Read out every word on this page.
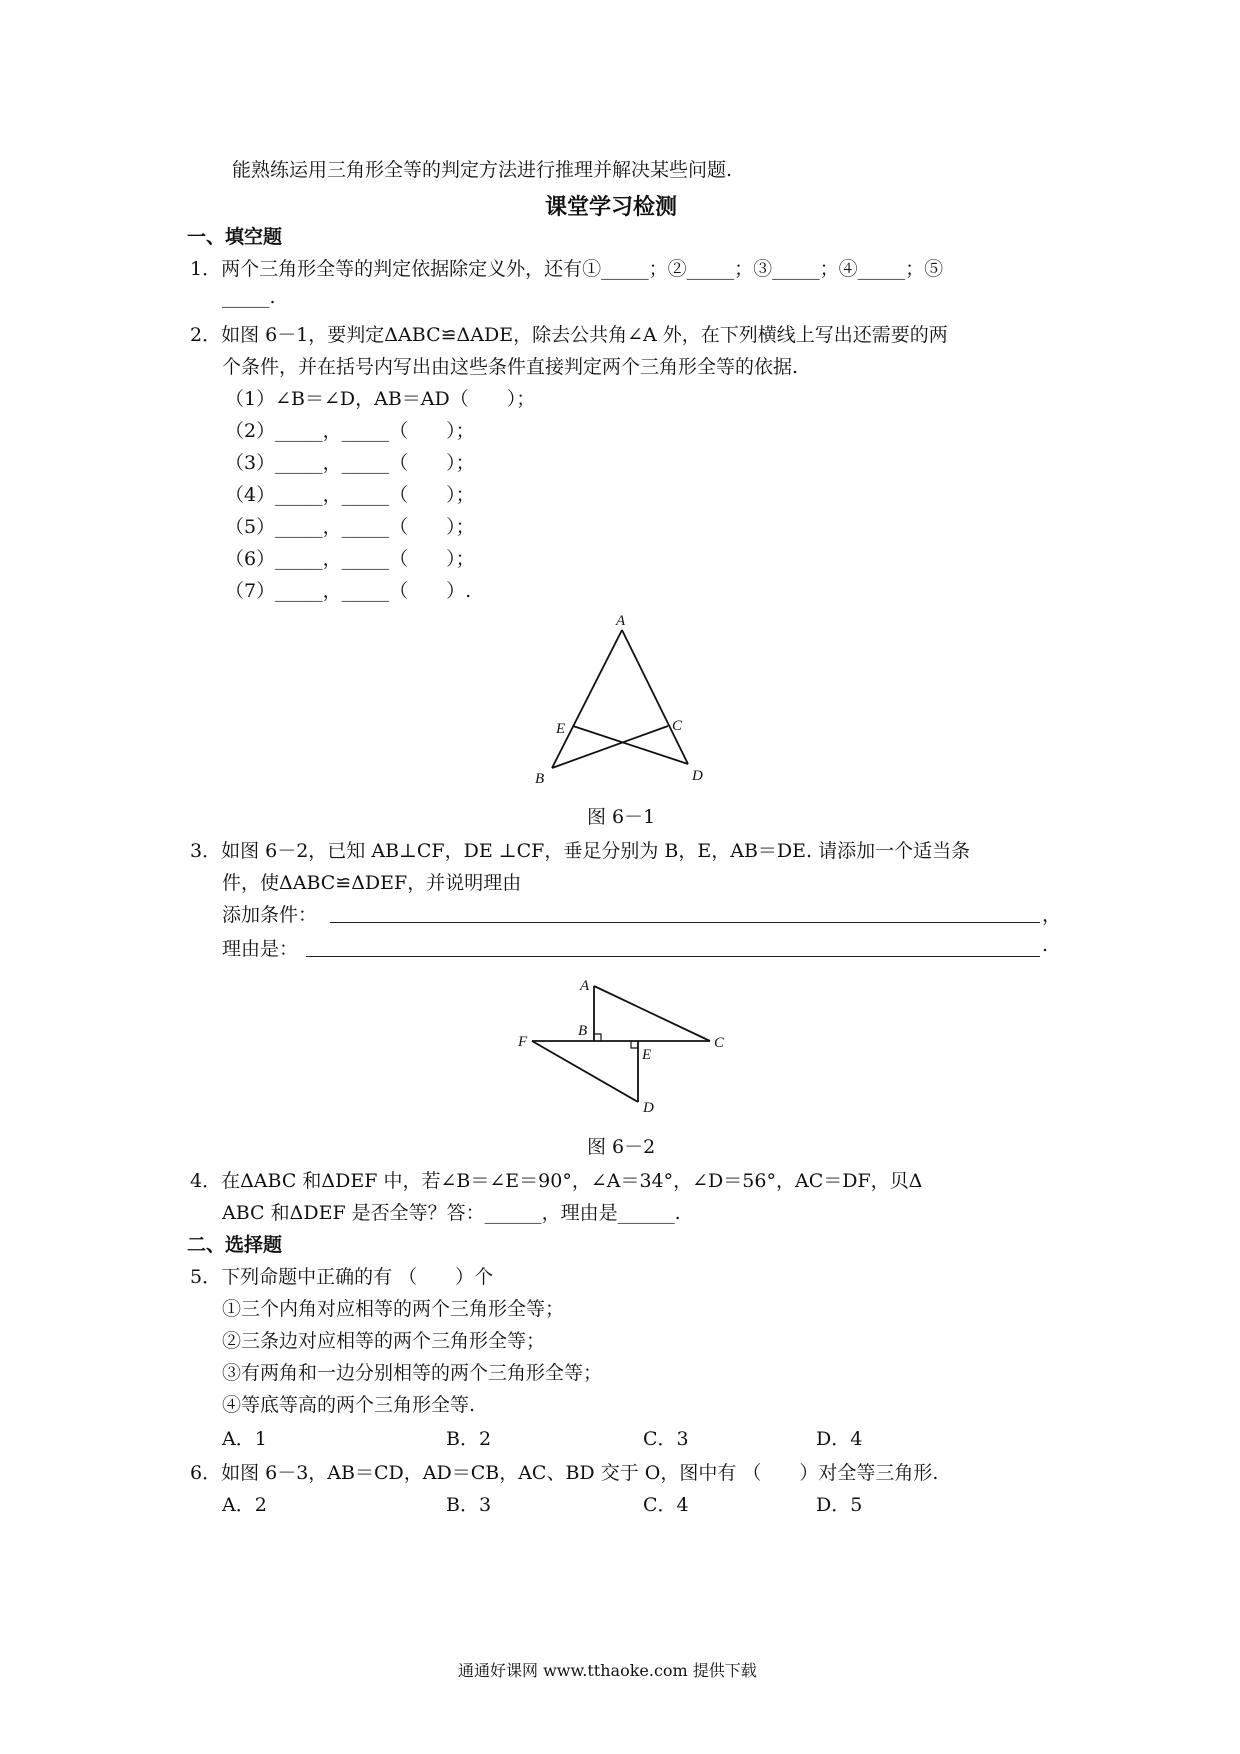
能熟练运用三角形全等的判定方法进行推理并解决某些问题.
课堂学习检测
一、填空题
1．两个三角形全等的判定依据除定义外，还有①_____；②_____；③_____；④_____；⑤
_____.
2．如图 6－1，要判定ΔABC≌ΔADE，除去公共角∠A 外，在下列横线上写出还需要的两
个条件，并在括号内写出由这些条件直接判定两个三角形全等的依据.
（1）∠B＝∠D，AB＝AD（　　）；
（2）_____，_____（　　）；
（3）_____，_____（　　）；
（4）_____，_____（　　）；
（5）_____，_____（　　）；
（6）_____，_____（　　）；
（7）_____，_____（　　）.
A
B
C
D
E
图 6－1
3．如图 6－2，已知 AB⊥CF，DE ⊥CF，垂足分别为 B，E，AB＝DE. 请添加一个适当条
件，使ΔABC≌ΔDEF，并说明理由
添加条件：	，
理由是：	.
A
B
C
D
E
F
图 6－2
4．在ΔABC 和ΔDEF 中，若∠B＝∠E＝90°，∠A＝34°，∠D＝56°，AC＝DF，贝Δ
ABC 和ΔDEF 是否全等？答：______，理由是______.
二、选择题
5．下列命题中正确的有 （　　）个
①三个内角对应相等的两个三角形全等；
②三条边对应相等的两个三角形全等；
③有两角和一边分别相等的两个三角形全等；
④等底等高的两个三角形全等.
A．1	B．2	C．3	D．4
6．如图 6－3，AB＝CD，AD＝CB，AC、BD 交于 O，图中有 （　　）对全等三角形.
A．2	B．3	C．4	D．5
通通好课网 www.tthaoke.com 提供下载
